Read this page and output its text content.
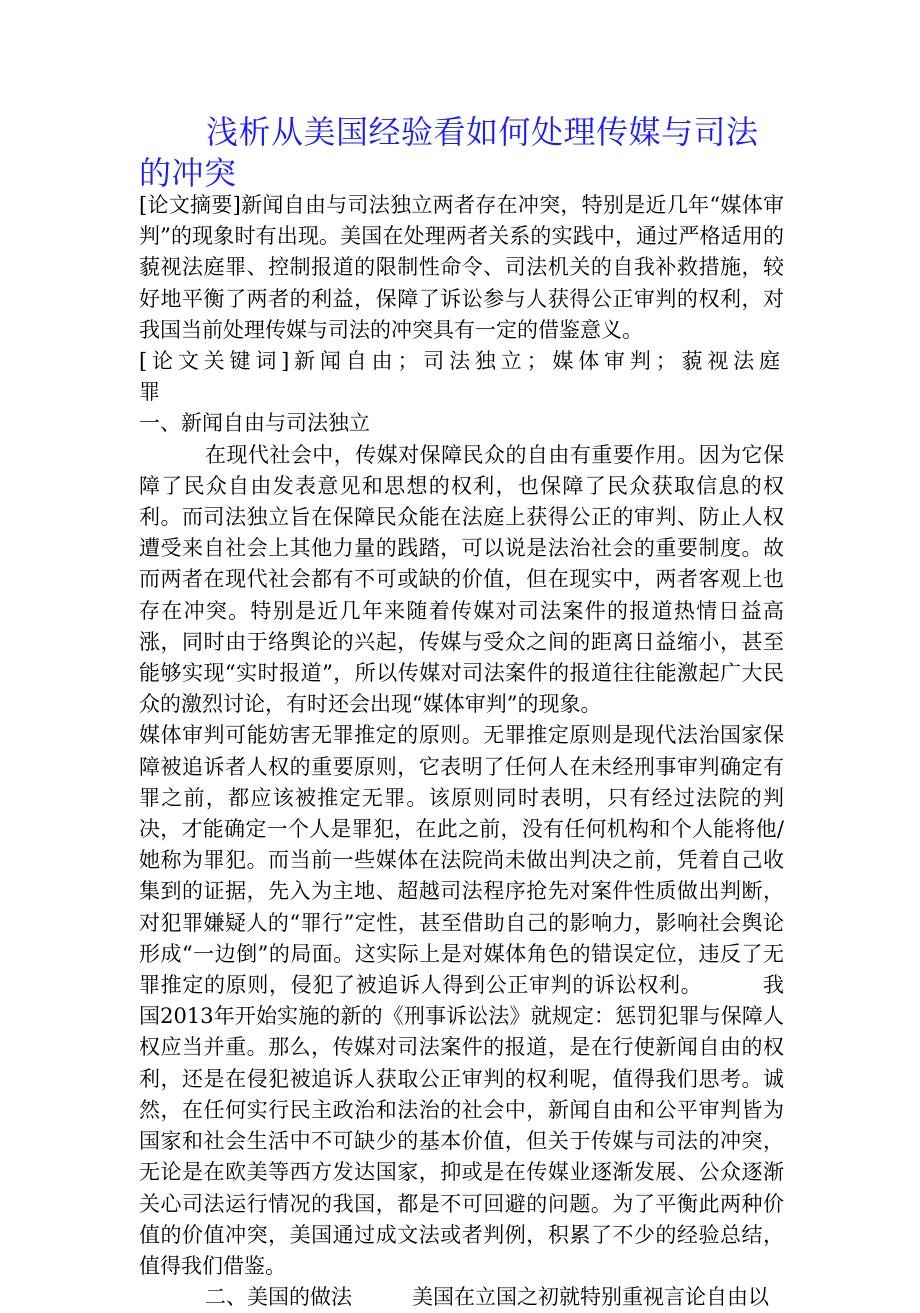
浅析从美国经验看如何处理传媒与司法的冲突

[论文摘要]新闻自由与司法独立两者存在冲突，特别是近几年“媒体审判”的现象时有出现。美国在处理两者关系的实践中，通过严格适用的藐视法庭罪、控制报道的限制性命令、司法机关的自我补救措施，较好地平衡了两者的利益，保障了诉讼参与人获得公正审判的权利，对我国当前处理传媒与司法的冲突具有一定的借鉴意义。

[论文关键词]新闻自由；司法独立；媒体审判；藐视法庭罪

一、新闻自由与司法独立

在现代社会中，传媒对保障民众的自由有重要作用。因为它保障了民众自由发表意见和思想的权利，也保障了民众获取信息的权利。而司法独立旨在保障民众能在法庭上获得公正的审判、防止人权遭受来自社会上其他力量的践踏，可以说是法治社会的重要制度。故而两者在现代社会都有不可或缺的价值，但在现实中，两者客观上也存在冲突。特别是近几年来随着传媒对司法案件的报道热情日益高涨，同时由于络舆论的兴起，传媒与受众之间的距离日益缩小，甚至能够实现“实时报道”，所以传媒对司法案件的报道往往能激起广大民众的激烈讨论，有时还会出现“媒体审判”的现象。

媒体审判可能妨害无罪推定的原则。无罪推定原则是现代法治国家保障被追诉者人权的重要原则，它表明了任何人在未经刑事审判确定有罪之前，都应该被推定无罪。该原则同时表明，只有经过法院的判决，才能确定一个人是罪犯，在此之前，没有任何机构和个人能将他/她称为罪犯。而当前一些媒体在法院尚未做出判决之前，凭着自己收集到的证据，先入为主地、超越司法程序抢先对案件性质做出判断，对犯罪嫌疑人的“罪行”定性，甚至借助自己的影响力，影响社会舆论形成“一边倒”的局面。这实际上是对媒体角色的错误定位，违反了无罪推定的原则，侵犯了被追诉人得到公正审判的诉讼权利。	我国2013年开始实施的新的《刑事诉讼法》就规定：惩罚犯罪与保障人权应当并重。那么，传媒对司法案件的报道，是在行使新闻自由的权利，还是在侵犯被追诉人获取公正审判的权利呢，值得我们思考。诚然，在任何实行民主政治和法治的社会中，新闻自由和公平审判皆为国家和社会生活中不可缺少的基本价值，但关于传媒与司法的冲突，无论是在欧美等西方发达国家，抑或是在传媒业逐渐发展、公众逐渐关心司法运行情况的我国，都是不可回避的问题。为了平衡此两种价值的价值冲突，美国通过成文法或者判例，积累了不少的经验总结，值得我们借鉴。

二、美国的做法	美国在立国之初就特别重视言论自由以
